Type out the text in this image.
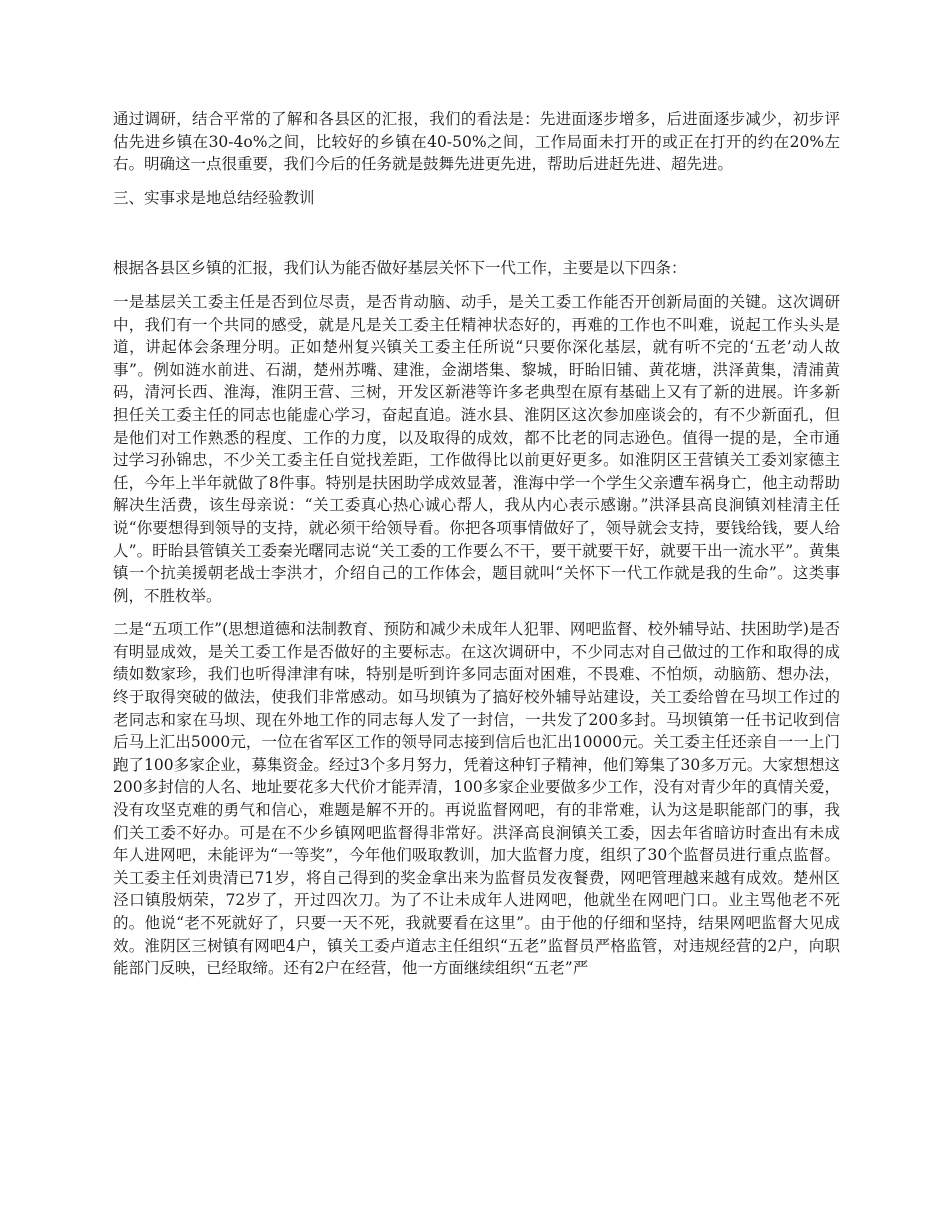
通过调研，结合平常的了解和各县区的汇报，我们的看法是：先进面逐步增多，后进面逐步减少，初步评估先进乡镇在30-4o%之间，比较好的乡镇在40-50%之间，工作局面未打开的或正在打开的约在20%左右。明确这一点很重要，我们今后的任务就是鼓舞先进更先进，帮助后进赶先进、超先进。

三、实事求是地总结经验教训

根据各县区乡镇的汇报，我们认为能否做好基层关怀下一代工作，主要是以下四条：

一是基层关工委主任是否到位尽责，是否肯动脑、动手，是关工委工作能否开创新局面的关键。这次调研中，我们有一个共同的感受，就是凡是关工委主任精神状态好的，再难的工作也不叫难，说起工作头头是道，讲起体会条理分明。正如楚州复兴镇关工委主任所说“只要你深化基层，就有听不完的‘五老’动人故事”。例如涟水前进、石湖，楚州苏嘴、建淮，金湖塔集、黎城，盱眙旧铺、黄花塘，洪泽黄集，清浦黄码，清河长西、淮海，淮阴王营、三树，开发区新港等许多老典型在原有基础上又有了新的进展。许多新担任关工委主任的同志也能虚心学习，奋起直追。涟水县、淮阴区这次参加座谈会的，有不少新面孔，但是他们对工作熟悉的程度、工作的力度，以及取得的成效，都不比老的同志逊色。值得一提的是，全市通过学习孙锦忠，不少关工委主任自觉找差距，工作做得比以前更好更多。如淮阴区王营镇关工委刘家德主任，今年上半年就做了8件事。特别是扶困助学成效显著，淮海中学一个学生父亲遭车祸身亡，他主动帮助解决生活费，该生母亲说：“关工委真心热心诚心帮人，我从内心表示感谢。”洪泽县高良涧镇刘桂清主任说“你要想得到领导的支持，就必须干给领导看。你把各项事情做好了，领导就会支持，要钱给钱，要人给人”。盱眙县管镇关工委秦光曙同志说“关工委的工作要么不干，要干就要干好，就要干出一流水平”。黄集镇一个抗美援朝老战士李洪才，介绍自己的工作体会，题目就叫“关怀下一代工作就是我的生命”。这类事例，不胜枚举。

二是“五项工作”(思想道德和法制教育、预防和减少未成年人犯罪、网吧监督、校外辅导站、扶困助学)是否有明显成效，是关工委工作是否做好的主要标志。在这次调研中，不少同志对自己做过的工作和取得的成绩如数家珍，我们也听得津津有味，特别是听到许多同志面对困难，不畏难、不怕烦，动脑筋、想办法，终于取得突破的做法，使我们非常感动。如马坝镇为了搞好校外辅导站建设，关工委给曾在马坝工作过的老同志和家在马坝、现在外地工作的同志每人发了一封信，一共发了200多封。马坝镇第一任书记收到信后马上汇出5000元，一位在省军区工作的领导同志接到信后也汇出10000元。关工委主任还亲自一一上门跑了100多家企业，募集资金。经过3个多月努力，凭着这种钉子精神，他们筹集了30多万元。大家想想这200多封信的人名、地址要花多大代价才能弄清，100多家企业要做多少工作，没有对青少年的真情关爱，没有攻坚克难的勇气和信心，难题是解不开的。再说监督网吧，有的非常难，认为这是职能部门的事，我们关工委不好办。可是在不少乡镇网吧监督得非常好。洪泽高良涧镇关工委，因去年省暗访时查出有未成年人进网吧，未能评为“一等奖”，今年他们吸取教训，加大监督力度，组织了30个监督员进行重点监督。关工委主任刘贵清已71岁，将自己得到的奖金拿出来为监督员发夜餐费，网吧管理越来越有成效。楚州区泾口镇殷炳荣，72岁了，开过四次刀。为了不让未成年人进网吧，他就坐在网吧门口。业主骂他老不死的。他说“老不死就好了，只要一天不死，我就要看在这里”。由于他的仔细和坚持，结果网吧监督大见成效。淮阴区三树镇有网吧4户，镇关工委卢道志主任组织“五老”监督员严格监管，对违规经营的2户，向职能部门反映，已经取缔。还有2户在经营，他一方面继续组织“五老”严
